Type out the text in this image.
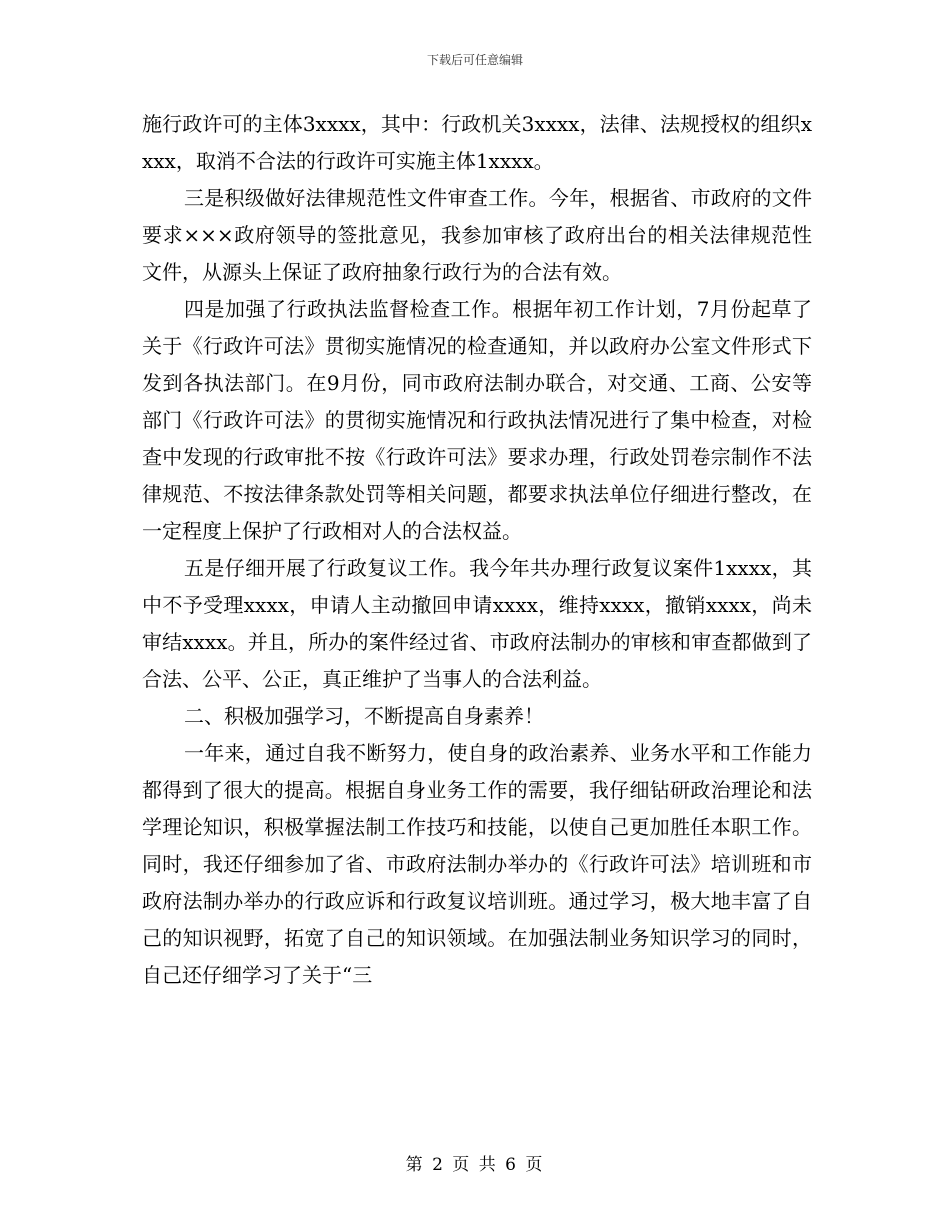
下载后可任意编辑

施行政许可的主体3xxxx，其中：行政机关3xxxx，法律、法规授权的组织xxxx，取消不合法的行政许可实施主体1xxxx。

三是积级做好法律规范性文件审查工作。今年，根据省、市政府的文件要求×××政府领导的签批意见，我参加审核了政府出台的相关法律规范性文件，从源头上保证了政府抽象行政行为的合法有效。

四是加强了行政执法监督检查工作。根据年初工作计划，7月份起草了关于《行政许可法》贯彻实施情况的检查通知，并以政府办公室文件形式下发到各执法部门。在9月份，同市政府法制办联合，对交通、工商、公安等部门《行政许可法》的贯彻实施情况和行政执法情况进行了集中检查，对检查中发现的行政审批不按《行政许可法》要求办理，行政处罚卷宗制作不法律规范、不按法律条款处罚等相关问题，都要求执法单位仔细进行整改，在一定程度上保护了行政相对人的合法权益。

五是仔细开展了行政复议工作。我今年共办理行政复议案件1xxxx，其中不予受理xxxx，申请人主动撤回申请xxxx，维持xxxx，撤销xxxx，尚未审结xxxx。并且，所办的案件经过省、市政府法制办的审核和审查都做到了合法、公平、公正，真正维护了当事人的合法利益。

二、积极加强学习，不断提高自身素养！

一年来，通过自我不断努力，使自身的政治素养、业务水平和工作能力都得到了很大的提高。根据自身业务工作的需要，我仔细钻研政治理论和法学理论知识，积极掌握法制工作技巧和技能，以使自己更加胜任本职工作。同时，我还仔细参加了省、市政府法制办举办的《行政许可法》培训班和市政府法制办举办的行政应诉和行政复议培训班。通过学习，极大地丰富了自己的知识视野，拓宽了自己的知识领域。在加强法制业务知识学习的同时，自己还仔细学习了关于“三

第 2 页 共 6 页
